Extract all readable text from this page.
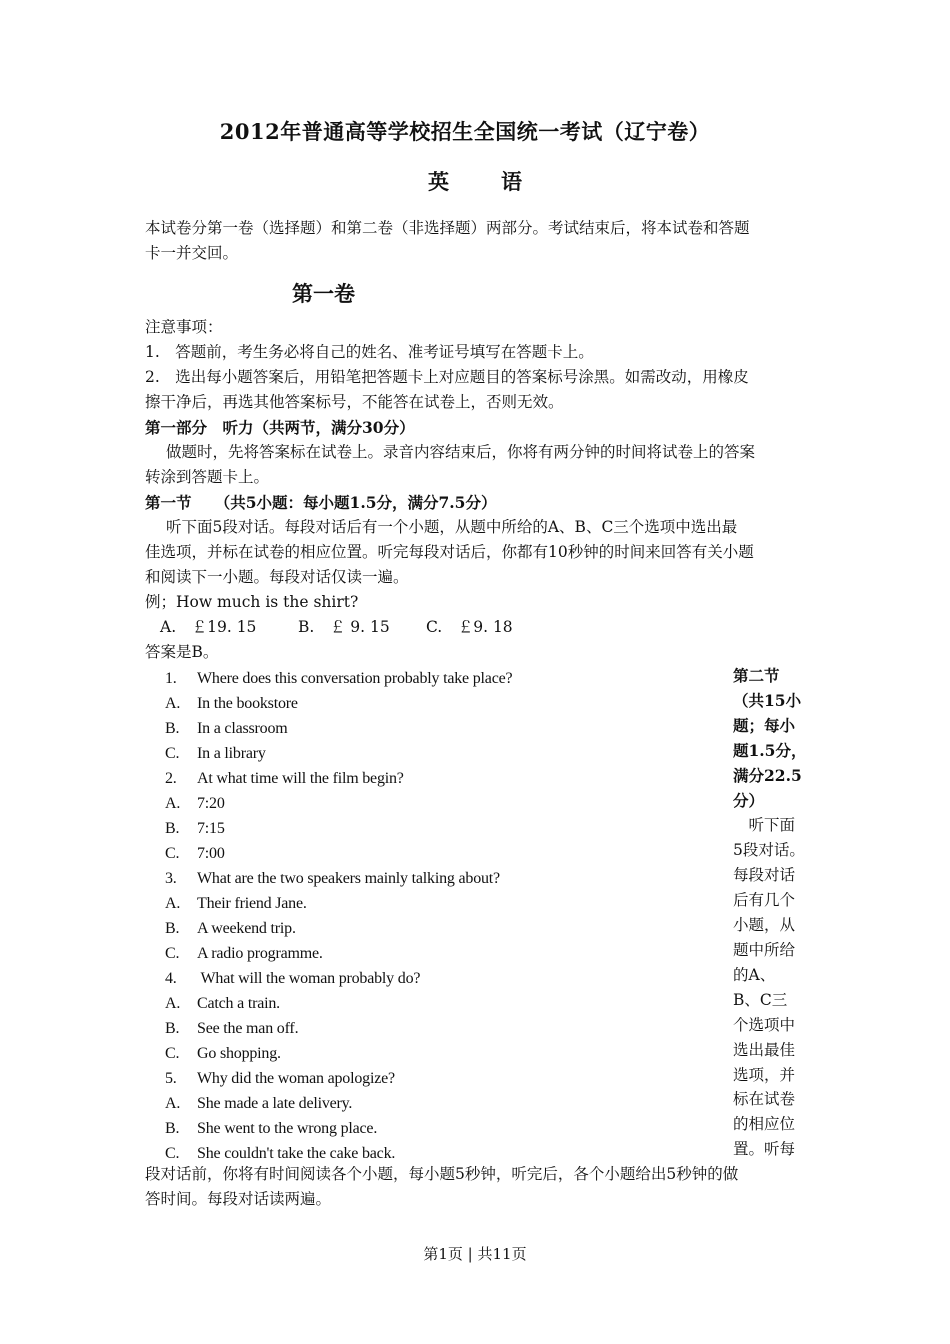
2012年普通高等学校招生全国统一考试（辽宁卷）
英 语

本试卷分第一卷（选择题）和第二卷（非选择题）两部分。考试结束后，将本试卷和答题

卡一并交回。

第一卷

注意事项：

1.　答题前，考生务必将自己的姓名、准考证号填写在答题卡上。

2.　选出每小题答案后，用铅笔把答题卡上对应题目的答案标号涂黑。如需改动，用橡皮

擦干净后，再选其他答案标号，不能答在试卷上，否则无效。

第一部分　听力（共两节，满分30分）

做题时，先将答案标在试卷上。录音内容结束后，你将有两分钟的时间将试卷上的答案

转涂到答题卡上。

第一节　　（共5小题：每小题1.5分，满分7.5分）

听下面5段对话。每段对话后有一个小题，从题中所给的A、B、C三个选项中选出最

佳选项，并标在试卷的相应位置。听完每段对话后，你都有10秒钟的时间来回答有关小题

和阅读下一小题。每段对话仅读一遍。

例；How much is the shirt?

A.　￡19. 15	B.　￡ 9. 15 C.　￡9. 18

答案是B。

1.	Where does this conversation probably take place?
A.	In the bookstore
B.	In a classroom
C.	In a library
2.	At what time will the film begin?
A.	7:20
B.	7:15
C.	7:00
3.	What are the two speakers mainly talking about?
A.	Their friend Jane.
B.	A weekend trip.
C.	A radio programme.
4.	What will the woman probably do?
A.	Catch a train.
B.	See the man off.
C.	Go shopping.
5.	Why did the woman apologize?
A.	She made a late delivery.
B.	She went to the wrong place.
C.	She couldn't take the cake back.
第二节
（共15小
题；每小
题1.5分，
满分22.5
分）
　听下面
5段对话。
每段对话
后有几个
小题，从
题中所给
的A、
B、C三
个选项中
选出最佳
选项，并
标在试卷
的相应位
置。听每

段对话前，你将有时间阅读各个小题，每小题5秒钟，听完后，各个小题给出5秒钟的做

答时间。每段对话读两遍。

第1页 | 共11页
